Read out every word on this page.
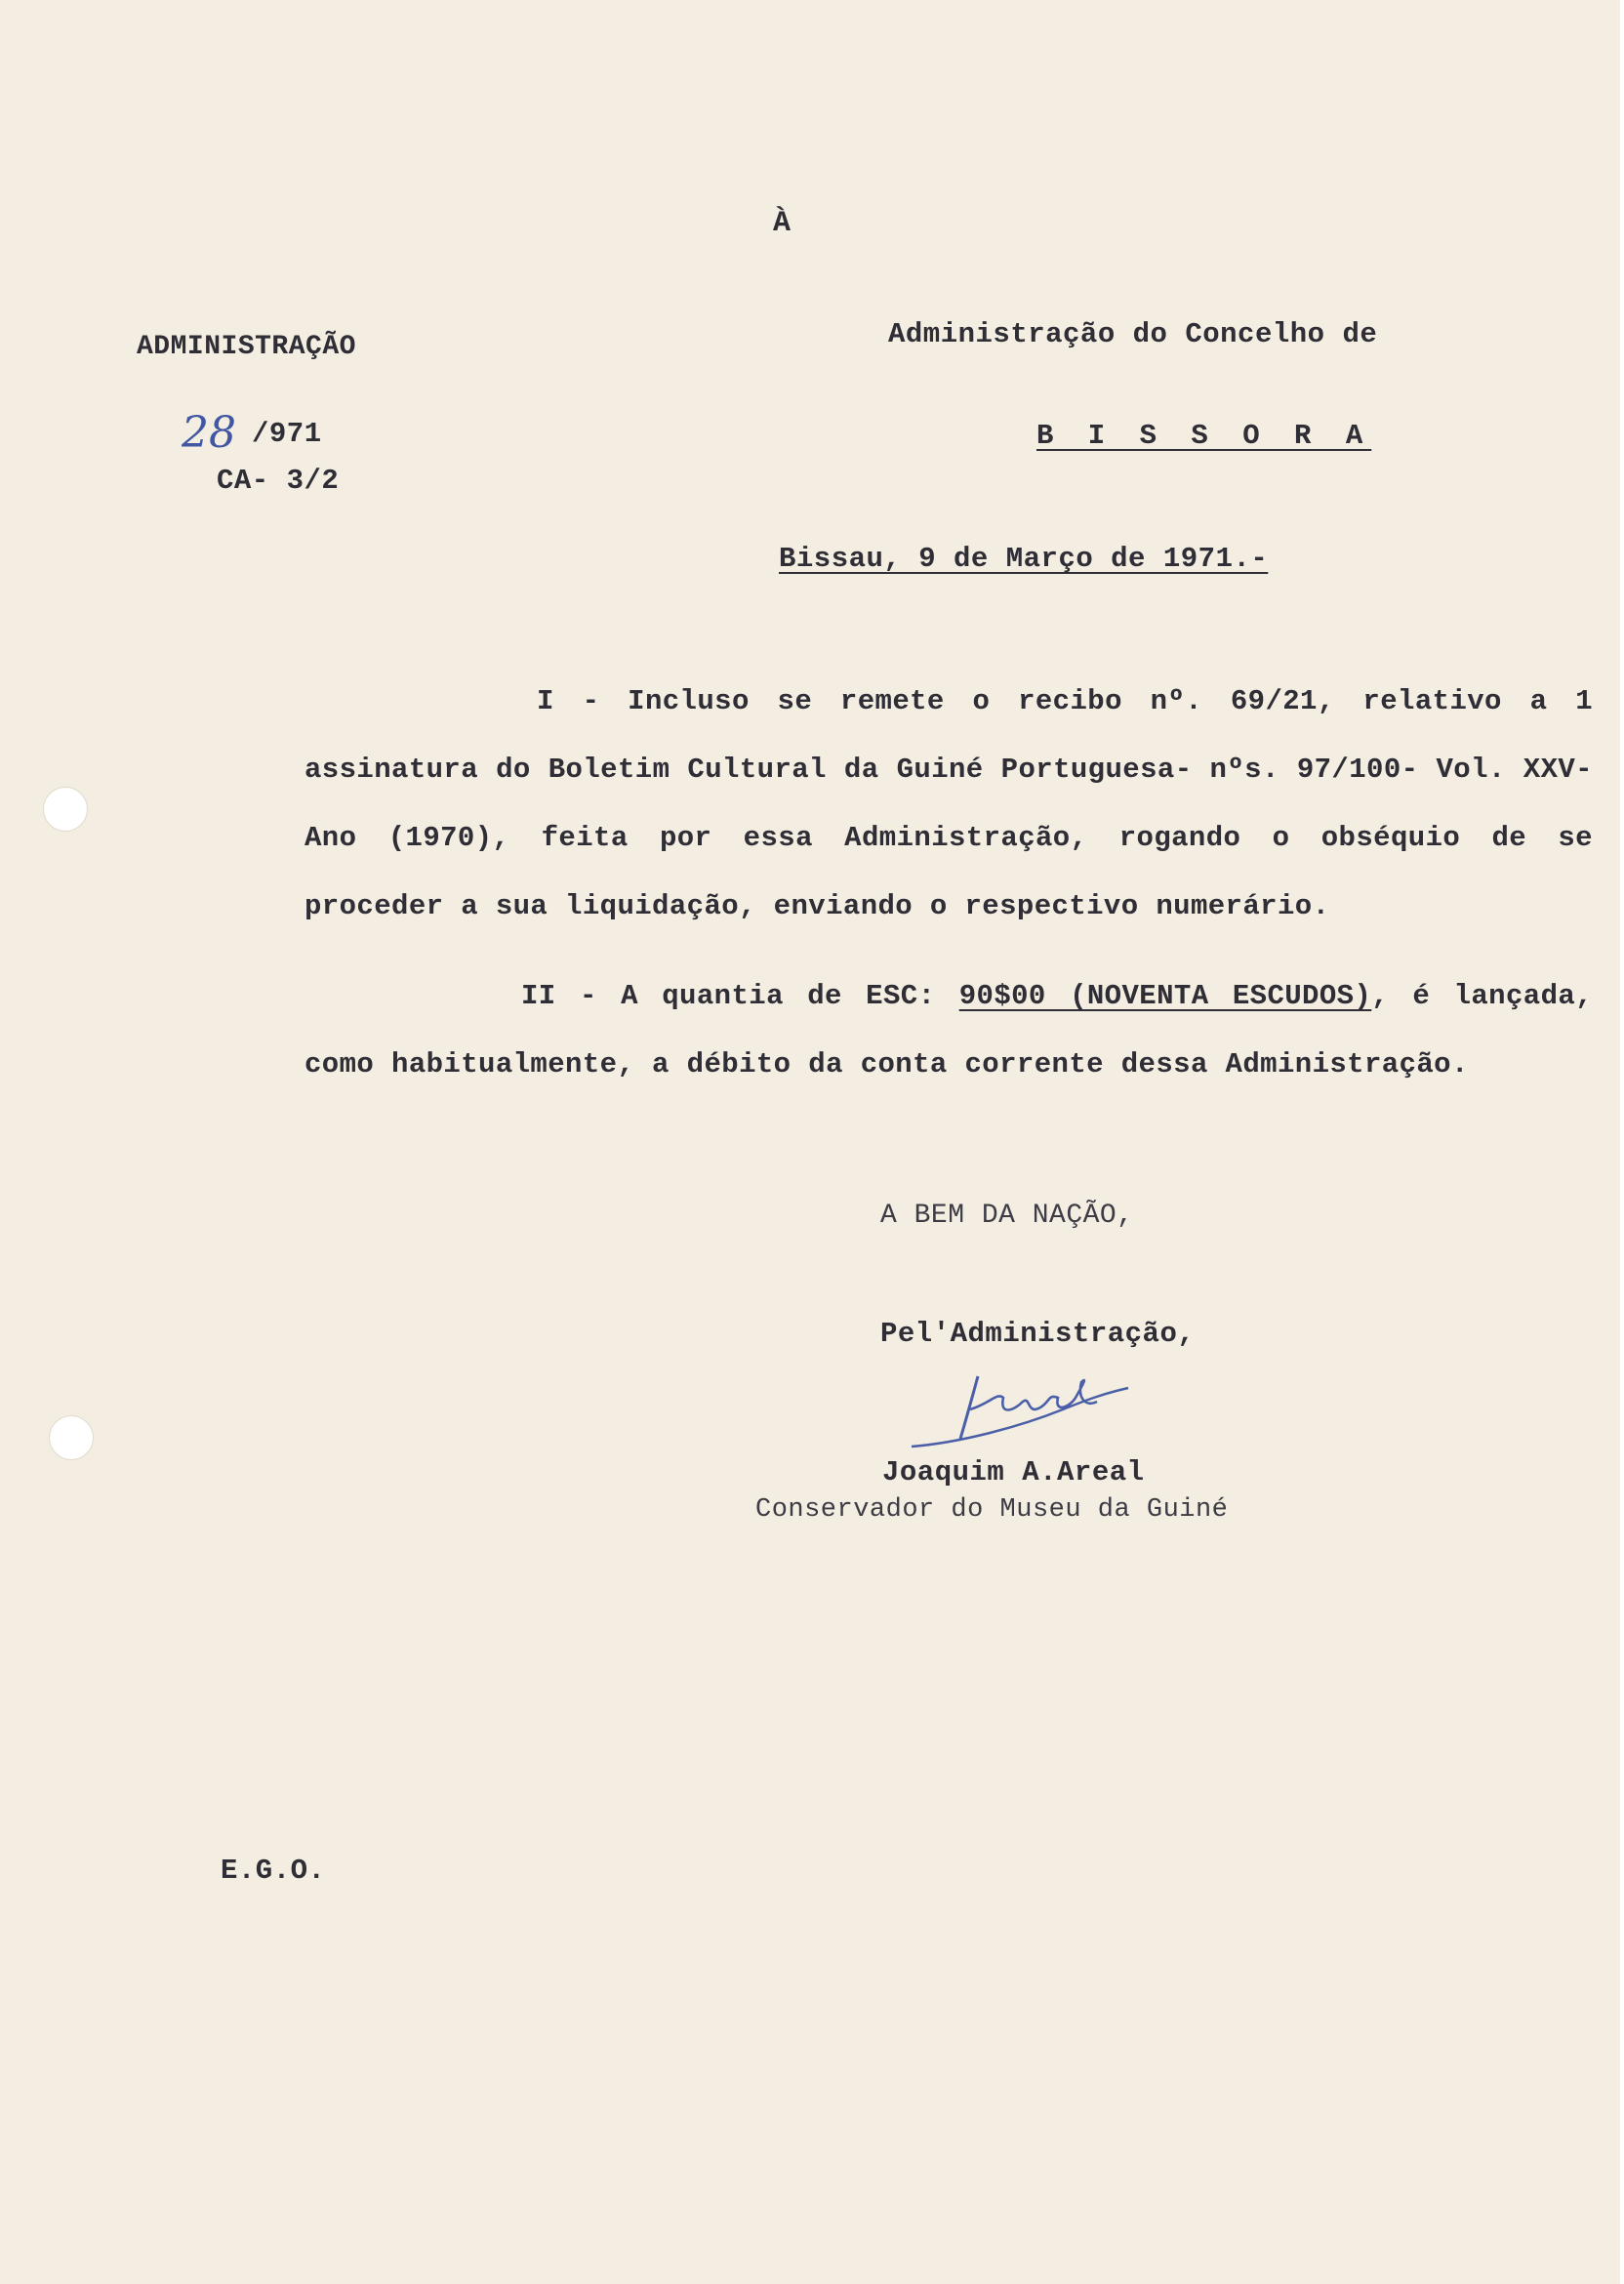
À
ADMINISTRAÇÃO
28 /971
CA- 3/2
Administração do Concelho de
B I S S O R A
Bissau, 9 de Março de 1971.-
I - Incluso se remete o recibo nº. 69/21, relativo a 1 assinatura do Boletim Cultural da Guiné Portuguesa- nºs. 97/100- Vol. XXV- Ano (1970), feita por essa Administração, rogando o obséquio de se proceder a sua liquidação, enviando o respectivo numerário.
II - A quantia de ESC: 90$00 (NOVENTA ESCUDOS), é lançada, como habitualmente, a débito da conta corrente dessa Administração.
A BEM DA NAÇÃO,
Pel'Administração,
Joaquim A.Areal
Conservador do Museu da Guiné
E.G.O.
